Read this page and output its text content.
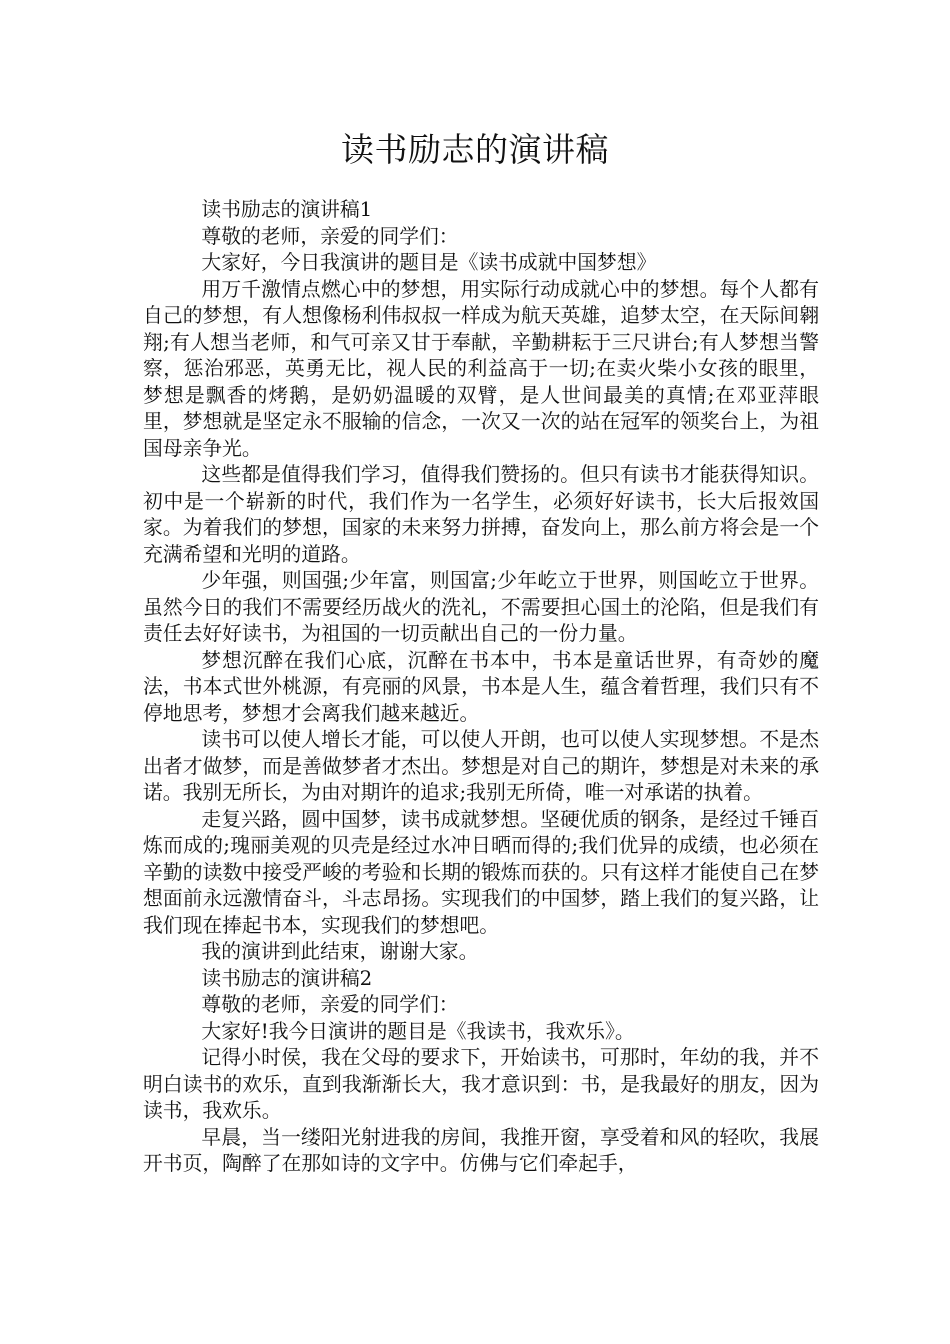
读书励志的演讲稿

读书励志的演讲稿1

尊敬的老师，亲爱的同学们：

大家好，今日我演讲的题目是《读书成就中国梦想》

用万千激情点燃心中的梦想，用实际行动成就心中的梦想。每个人都有自己的梦想，有人想像杨利伟叔叔一样成为航天英雄，追梦太空，在天际间翱翔;有人想当老师，和气可亲又甘于奉献，辛勤耕耘于三尺讲台;有人梦想当警察，惩治邪恶，英勇无比，视人民的利益高于一切;在卖火柴小女孩的眼里，梦想是飘香的烤鹅，是奶奶温暖的双臂，是人世间最美的真情;在邓亚萍眼里，梦想就是坚定永不服输的信念，一次又一次的站在冠军的领奖台上，为祖国母亲争光。

这些都是值得我们学习，值得我们赞扬的。但只有读书才能获得知识。初中是一个崭新的时代，我们作为一名学生，必须好好读书，长大后报效国家。为着我们的梦想，国家的未来努力拼搏，奋发向上，那么前方将会是一个充满希望和光明的道路。

少年强，则国强;少年富，则国富;少年屹立于世界，则国屹立于世界。虽然今日的我们不需要经历战火的洗礼，不需要担心国土的沦陷，但是我们有责任去好好读书，为祖国的一切贡献出自己的一份力量。

梦想沉醉在我们心底，沉醉在书本中，书本是童话世界，有奇妙的魔法，书本式世外桃源，有亮丽的风景，书本是人生，蕴含着哲理，我们只有不停地思考，梦想才会离我们越来越近。

读书可以使人增长才能，可以使人开朗，也可以使人实现梦想。不是杰出者才做梦，而是善做梦者才杰出。梦想是对自己的期许，梦想是对未来的承诺。我别无所长，为由对期许的追求;我别无所倚，唯一对承诺的执着。

走复兴路，圆中国梦，读书成就梦想。坚硬优质的钢条，是经过千锤百炼而成的;瑰丽美观的贝壳是经过水冲日晒而得的;我们优异的成绩，也必须在辛勤的读数中接受严峻的考验和长期的锻炼而获的。只有这样才能使自己在梦想面前永远激情奋斗，斗志昂扬。实现我们的中国梦，踏上我们的复兴路，让我们现在捧起书本，实现我们的梦想吧。

我的演讲到此结束，谢谢大家。

读书励志的演讲稿2

尊敬的老师，亲爱的同学们：

大家好!我今日演讲的题目是《我读书，我欢乐》。

记得小时侯，我在父母的要求下，开始读书，可那时，年幼的我，并不明白读书的欢乐，直到我渐渐长大，我才意识到：书，是我最好的朋友，因为读书，我欢乐。

早晨，当一缕阳光射进我的房间，我推开窗，享受着和风的轻吹，我展开书页，陶醉了在那如诗的文字中。仿佛与它们牵起手，
